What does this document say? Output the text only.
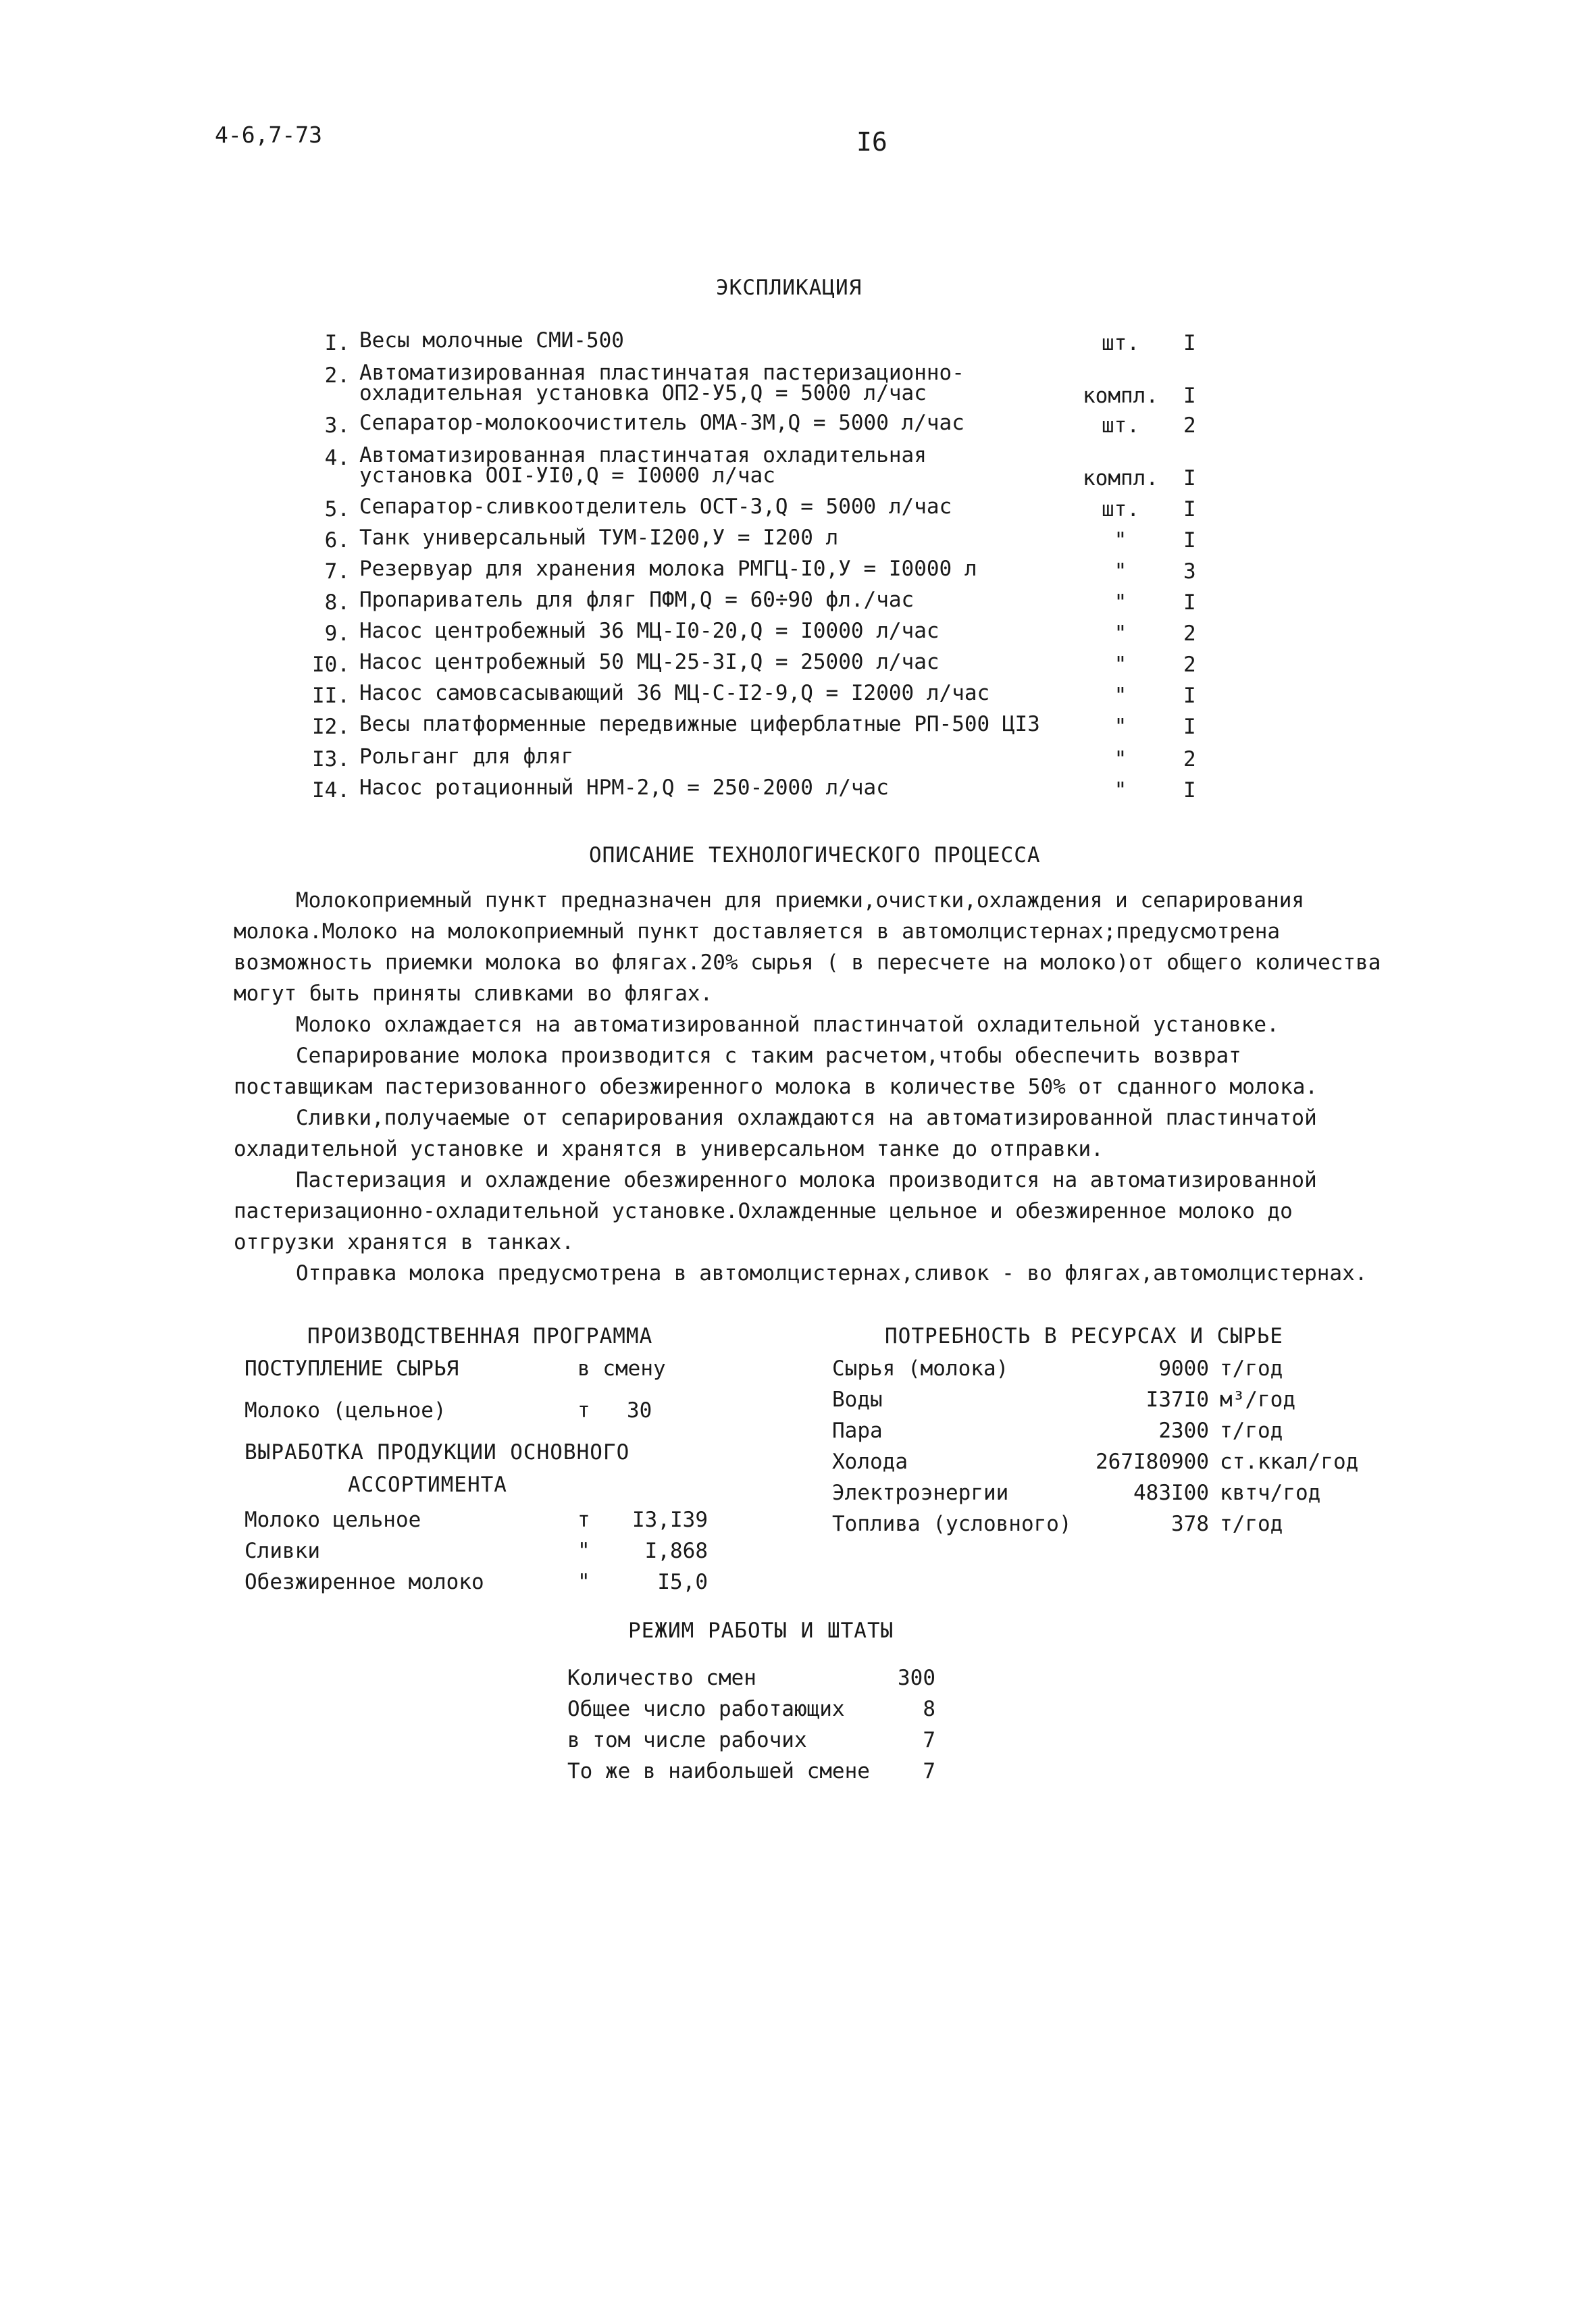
4-6,7-73	I6
ЭКСПЛИКАЦИЯ
I. Весы молочные СМИ-500	шт.	I
2. Автоматизированная пластинчатая пастеризационно-
охладительная установка ОП2-У5,Q = 5000 л/час	компл. I
3. Сепаратор-молокоочиститель ОМА-3М,Q = 5000 л/час	шт.	2
4. Автоматизированная пластинчатая охладительная
установка ООI-УI0,Q = I0000 л/час	компл. I
5. Сепаратор-сливкоотделитель ОСТ-3,Q = 5000 л/час	шт.	I
6. Танк универсальный ТУМ-I200,У = I200 л	"	I
7. Резервуар для хранения молока РМГЦ-I0,У = I0000 л	"	3
8. Пропариватель для фляг ПФМ,Q = 60÷90 фл./час	"	I
9. Насос центробежный 36 МЦ-I0-20,Q = I0000 л/час	"	2
I0. Насос центробежный 50 МЦ-25-3I,Q = 25000 л/час	"	2
II. Насос самовсасывающий 36 МЦ-С-I2-9,Q = I2000 л/час	"	I
I2. Весы платформенные передвижные циферблатные РП-500 ЦI3	"	I
I3. Рольганг для фляг	"	2
I4. Насос ротационный НРМ-2,Q = 250-2000 л/час	"	I
ОПИСАНИЕ ТЕХНОЛОГИЧЕСКОГО ПРОЦЕССА

Молокоприемный пункт предназначен для приемки,очистки,охлаждения и сепарирования молока.Молоко на молокоприемный пункт доставляется в автомолцистернах;предусмотрена возможность приемки молока во флягах.20% сырья ( в пересчете на молоко)от общего количества могут быть приняты сливками во флягах.

Молоко охлаждается на автоматизированной пластинчатой охладительной установке.

Сепарирование молока производится с таким расчетом,чтобы обеспечить возврат поставщикам пастеризованного обезжиренного молока в количестве 50% от сданного молока.

Сливки,получаемые от сепарирования охлаждаются на автоматизированной пластинчатой охладительной установке и хранятся в универсальном танке до отправки.

Пастеризация и охлаждение обезжиренного молока производится на автоматизированной пастеризационно-охладительной установке.Охлажденные цельное и обезжиренное молоко до отгрузки хранятся в танках.

Отправка молока предусмотрена в автомолцистернах,сливок - во флягах,автомолцистернах.

ПРОИЗВОДСТВЕННАЯ ПРОГРАММА
ПОСТУПЛЕНИЕ СЫРЬЯ	в смену
Молоко (цельное)	т 30
ВЫРАБОТКА ПРОДУКЦИИ ОСНОВНОГО
АССОРТИМЕНТА
Молоко цельное	т I3,I39
Сливки	"	I,868
Обезжиренное молоко	"	I5,0
ПОТРЕБНОСТЬ В РЕСУРСАХ И СЫРЬЕ
Сырья (молока)	9000 т/год
Воды	I37I0 м³/год
Пара	2300 т/год
Холода	267I80900 ст.ккал/год
Электроэнергии	483I00 квтч/год
Топлива (условного)	378 т/год
РЕЖИМ РАБОТЫ И ШТАТЫ
Количество смен	300
Общее число работающих	8
в том числе рабочих	7
То же в наибольшей смене	7
